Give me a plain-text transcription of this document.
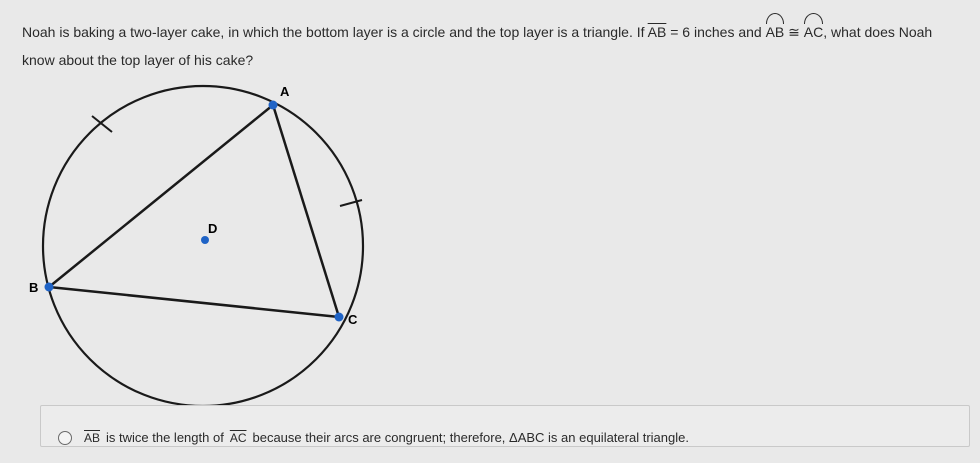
Noah is baking a two-layer cake, in which the bottom layer is a circle and the top layer is a triangle. If $\overline{AB} = 6$ inches and AB ≅ AC, what does Noah know about the top layer of his cake?
A
B
C
D
$\overline{AB}$ is twice the length of $\overline{AC}$ because their arcs are congruent; therefore, ΔABC is an equilateral triangle.
